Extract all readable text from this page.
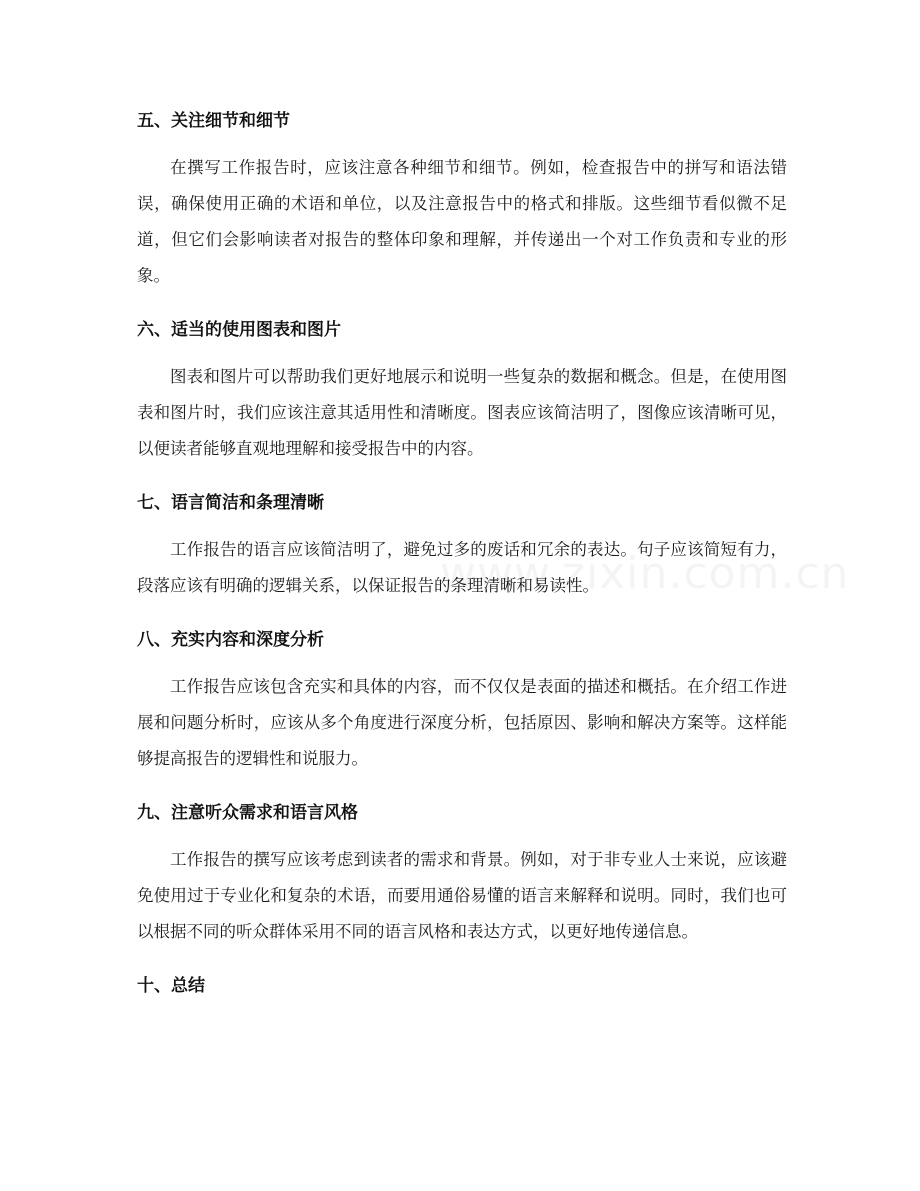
五、关注细节和细节

在撰写工作报告时，应该注意各种细节和细节。例如，检查报告中的拼写和语法错误，确保使用正确的术语和单位，以及注意报告中的格式和排版。这些细节看似微不足道，但它们会影响读者对报告的整体印象和理解，并传递出一个对工作负责和专业的形象。

六、适当的使用图表和图片

图表和图片可以帮助我们更好地展示和说明一些复杂的数据和概念。但是，在使用图表和图片时，我们应该注意其适用性和清晰度。图表应该简洁明了，图像应该清晰可见，以便读者能够直观地理解和接受报告中的内容。

七、语言简洁和条理清晰

工作报告的语言应该简洁明了，避免过多的废话和冗余的表达。句子应该简短有力，段落应该有明确的逻辑关系，以保证报告的条理清晰和易读性。

八、充实内容和深度分析

工作报告应该包含充实和具体的内容，而不仅仅是表面的描述和概括。在介绍工作进展和问题分析时，应该从多个角度进行深度分析，包括原因、影响和解决方案等。这样能够提高报告的逻辑性和说服力。

九、注意听众需求和语言风格

工作报告的撰写应该考虑到读者的需求和背景。例如，对于非专业人士来说，应该避免使用过于专业化和复杂的术语，而要用通俗易懂的语言来解释和说明。同时，我们也可以根据不同的听众群体采用不同的语言风格和表达方式，以更好地传递信息。

十、总结
